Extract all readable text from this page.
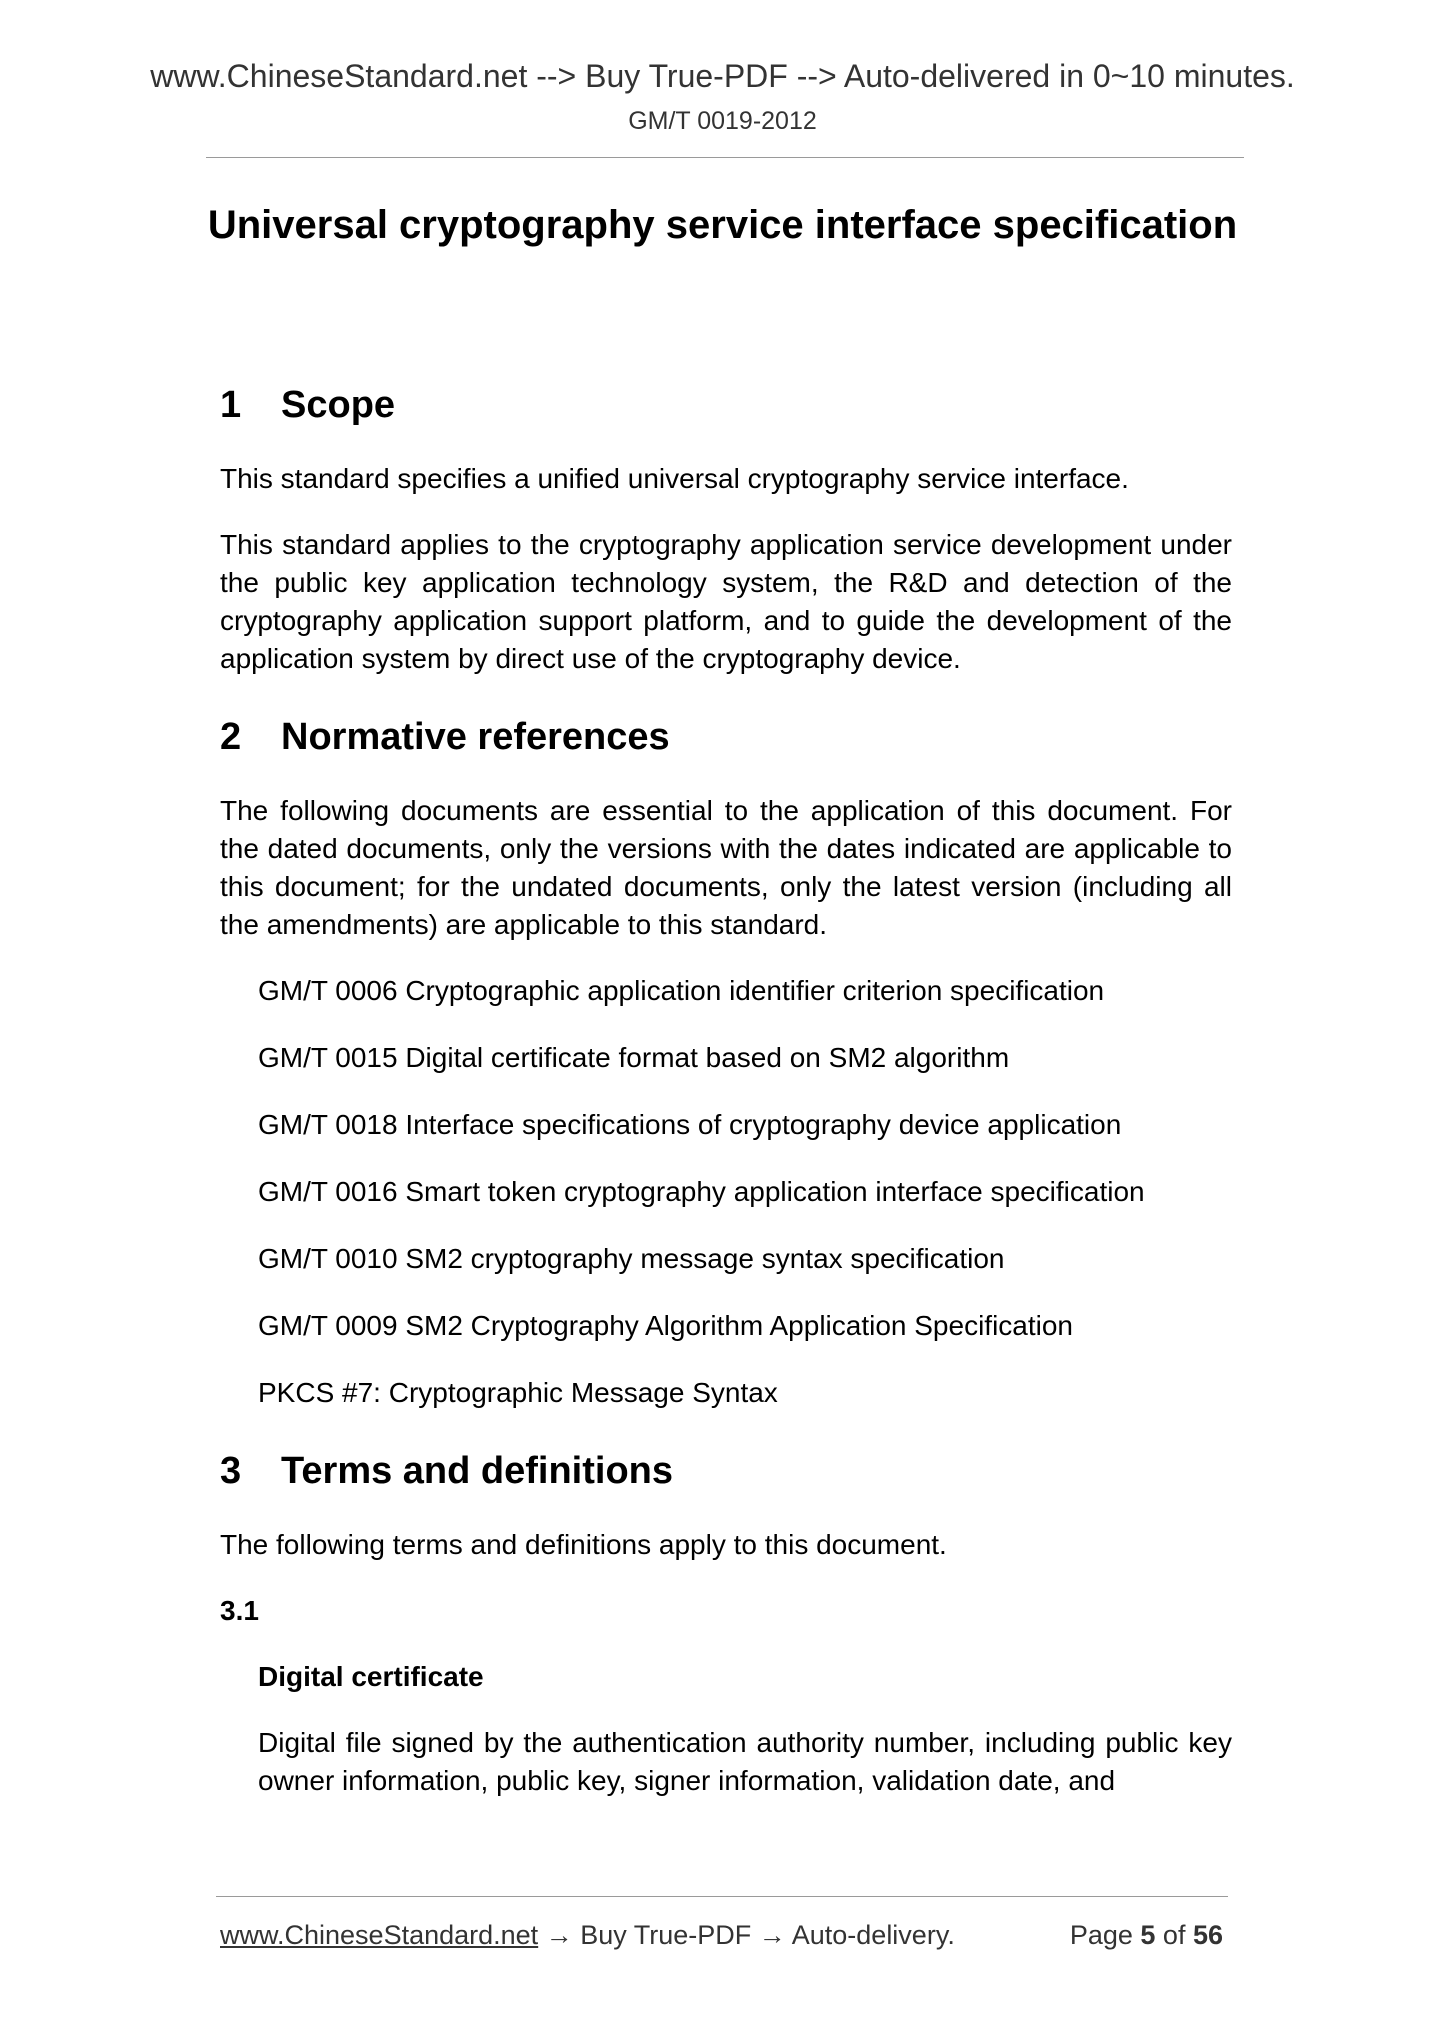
www.ChineseStandard.net --> Buy True-PDF --> Auto-delivered in 0~10 minutes.
GM/T 0019-2012
Universal cryptography service interface specification
1	Scope

This standard specifies a unified universal cryptography service interface.

This standard applies to the cryptography application service development under the public key application technology system, the R&D and detection of the cryptography application support platform, and to guide the development of the application system by direct use of the cryptography device.

2	Normative references

The following documents are essential to the application of this document. For the dated documents, only the versions with the dates indicated are applicable to this document; for the undated documents, only the latest version (including all the amendments) are applicable to this standard.

GM/T 0006 Cryptographic application identifier criterion specification
GM/T 0015 Digital certificate format based on SM2 algorithm
GM/T 0018 Interface specifications of cryptography device application
GM/T 0016 Smart token cryptography application interface specification
GM/T 0010 SM2 cryptography message syntax specification
GM/T 0009 SM2 Cryptography Algorithm Application Specification
PKCS #7: Cryptographic Message Syntax
3	Terms and definitions

The following terms and definitions apply to this document.

3.1
Digital certificate
Digital file signed by the authentication authority number, including public key owner information, public key, signer information, validation date, and
www.ChineseStandard.net → Buy True-PDF → Auto-delivery.	Page 5 of 56
